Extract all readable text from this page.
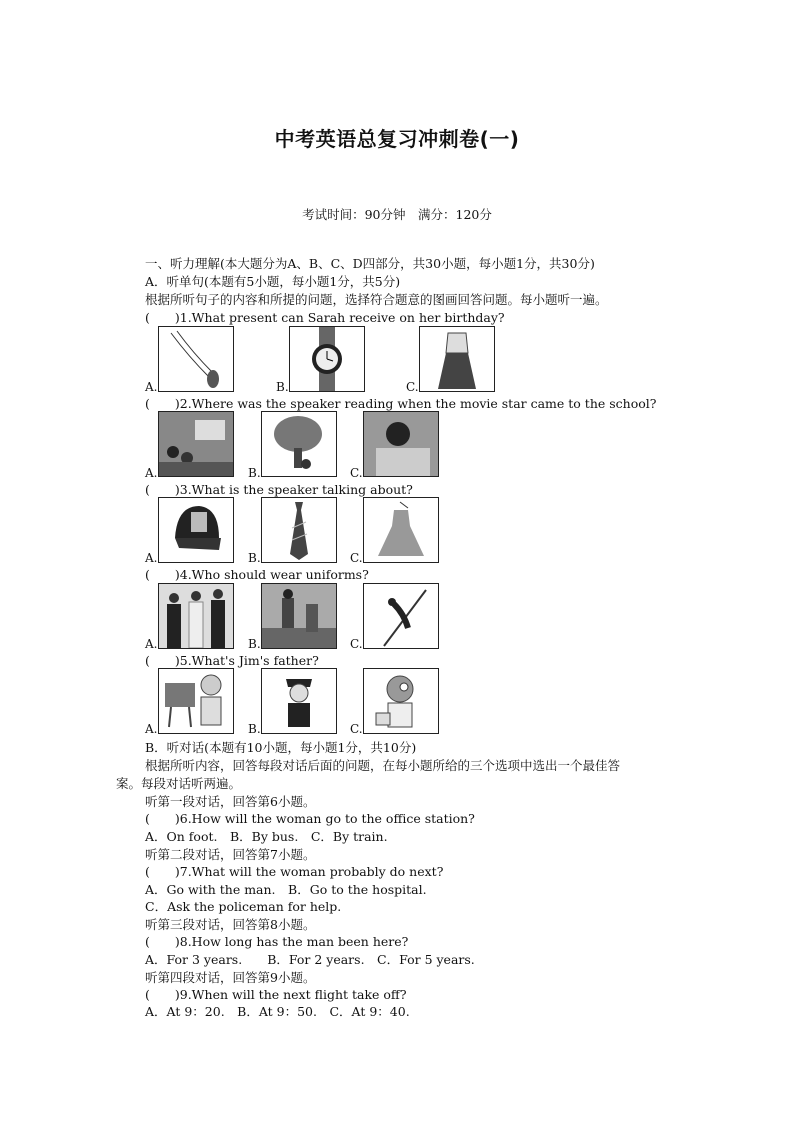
中考英语总复习冲刺卷(一)
考试时间：90分钟　满分：120分
一、听力理解(本大题分为A、B、C、D四部分，共30小题，每小题1分，共30分)
A．听单句(本题有5小题，每小题1分，共5分)
根据所听句子的内容和所提的问题，选择符合题意的图画回答问题。每小题听一遍。
(　　)1.What present can Sarah receive on her birthday?
A.	B.	C.
(　　)2.Where was the speaker reading when the movie star came to the school?
A.	B.	C.
(　　)3.What is the speaker talking about?
A.	B.	C.
(　　)4.Who should wear uniforms?
A.	B.	C.
(　　)5.What's Jim's father?
A.	B.	C.
B．听对话(本题有10小题，每小题1分，共10分)
根据所听内容，回答每段对话后面的问题，在每小题所给的三个选项中选出一个最佳答
案。每段对话听两遍。
听第一段对话，回答第6小题。
(　　)6.How will the woman go to the office station?
A．On foot.　B．By bus.　C．By train.
听第二段对话，回答第7小题。
(　　)7.What will the woman probably do next?
A．Go with the man.　B．Go to the hospital.
C．Ask the policeman for help.
听第三段对话，回答第8小题。
(　　)8.How long has the man been here?
A．For 3 years.　　B．For 2 years.　C．For 5 years.
听第四段对话，回答第9小题。
(　　)9.When will the next flight take off?
A．At 9：20.　B．At 9：50.　C．At 9：40.
